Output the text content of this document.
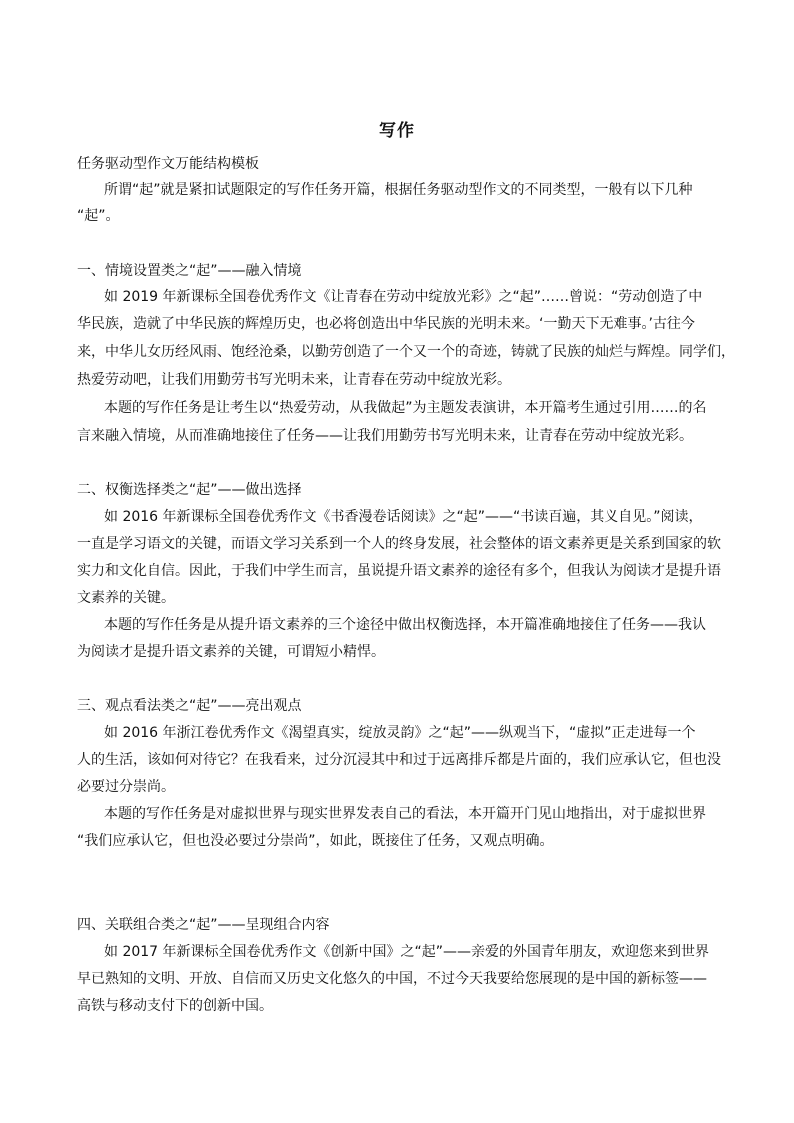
写作
任务驱动型作文万能结构模板
所谓“起”就是紧扣试题限定的写作任务开篇，根据任务驱动型作文的不同类型，一般有以下几种
“起”。
一、情境设置类之“起”——融入情境
如 2019 年新课标全国卷优秀作文《让青春在劳动中绽放光彩》之“起”……曾说：“劳动创造了中
华民族，造就了中华民族的辉煌历史，也必将创造出中华民族的光明未来。‘一勤天下无难事。’古往今
来，中华儿女历经风雨、饱经沧桑，以勤劳创造了一个又一个的奇迹，铸就了民族的灿烂与辉煌。同学们，
热爱劳动吧，让我们用勤劳书写光明未来，让青春在劳动中绽放光彩。
本题的写作任务是让考生以“热爱劳动，从我做起”为主题发表演讲，本开篇考生通过引用……的名
言来融入情境，从而准确地接住了任务——让我们用勤劳书写光明未来，让青春在劳动中绽放光彩。
二、权衡选择类之“起”——做出选择
如 2016 年新课标全国卷优秀作文《书香漫卷话阅读》之“起”——“书读百遍，其义自见。”阅读，
一直是学习语文的关键，而语文学习关系到一个人的终身发展，社会整体的语文素养更是关系到国家的软
实力和文化自信。因此，于我们中学生而言，虽说提升语文素养的途径有多个，但我认为阅读才是提升语
文素养的关键。
本题的写作任务是从提升语文素养的三个途径中做出权衡选择，本开篇准确地接住了任务——我认
为阅读才是提升语文素养的关键，可谓短小精悍。
三、观点看法类之“起”——亮出观点
如 2016 年浙江卷优秀作文《渴望真实，绽放灵韵》之“起”——纵观当下，“虚拟”正走进每一个
人的生活，该如何对待它？在我看来，过分沉浸其中和过于远离排斥都是片面的，我们应承认它，但也没
必要过分崇尚。
本题的写作任务是对虚拟世界与现实世界发表自己的看法，本开篇开门见山地指出，对于虚拟世界
“我们应承认它，但也没必要过分崇尚”，如此，既接住了任务，又观点明确。
四、关联组合类之“起”——呈现组合内容
如 2017 年新课标全国卷优秀作文《创新中国》之“起”——亲爱的外国青年朋友，欢迎您来到世界
早已熟知的文明、开放、自信而又历史文化悠久的中国，不过今天我要给您展现的是中国的新标签——
高铁与移动支付下的创新中国。
